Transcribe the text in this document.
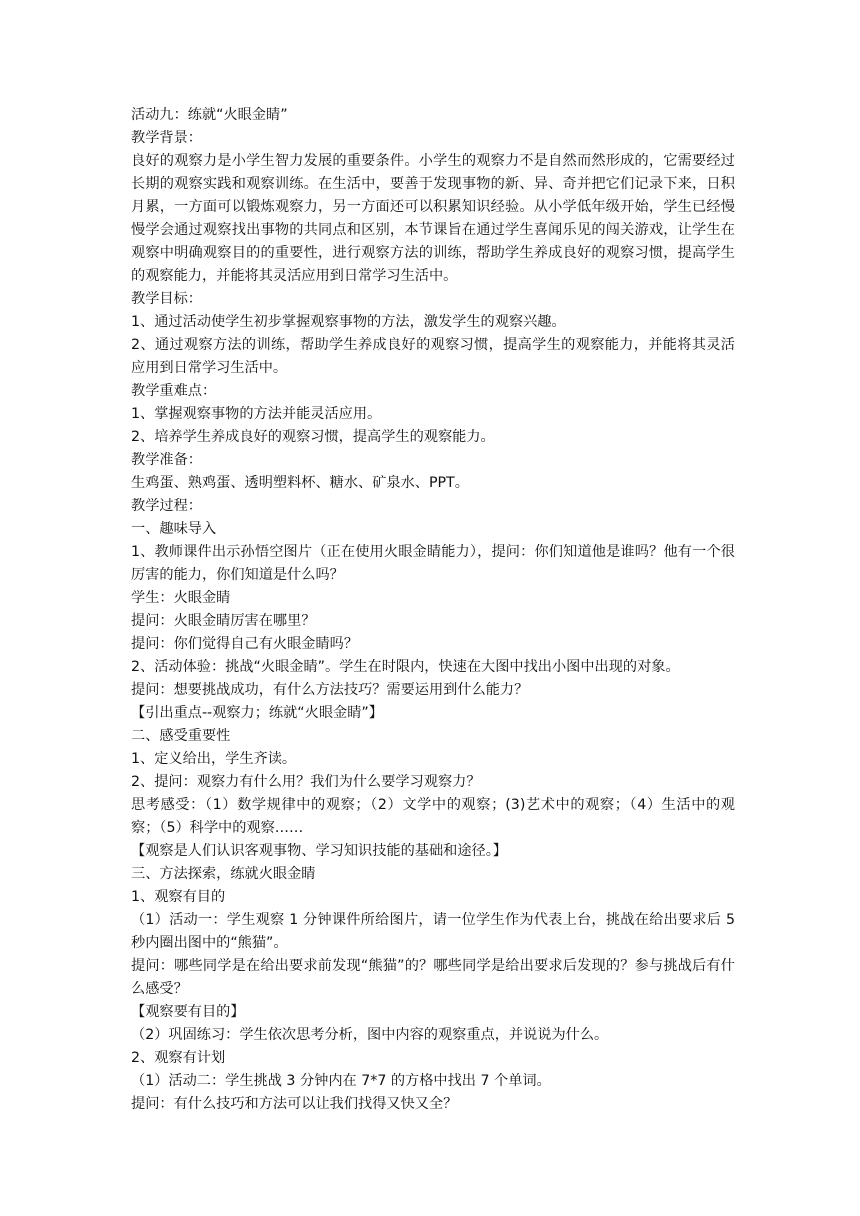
活动九：练就“火眼金睛”

教学背景：

良好的观察力是小学生智力发展的重要条件。小学生的观察力不是自然而然形成的，它需要经过长期的观察实践和观察训练。在生活中，要善于发现事物的新、异、奇并把它们记录下来，日积月累，一方面可以锻炼观察力，另一方面还可以积累知识经验。从小学低年级开始，学生已经慢慢学会通过观察找出事物的共同点和区别，本节课旨在通过学生喜闻乐见的闯关游戏，让学生在观察中明确观察目的的重要性，进行观察方法的训练，帮助学生养成良好的观察习惯，提高学生的观察能力，并能将其灵活应用到日常学习生活中。

教学目标：

1、通过活动使学生初步掌握观察事物的方法，激发学生的观察兴趣。

2、通过观察方法的训练，帮助学生养成良好的观察习惯，提高学生的观察能力，并能将其灵活应用到日常学习生活中。

教学重难点：

1、掌握观察事物的方法并能灵活应用。

2、培养学生养成良好的观察习惯，提高学生的观察能力。

教学准备：

生鸡蛋、熟鸡蛋、透明塑料杯、糖水、矿泉水、PPT。

教学过程：

一、趣味导入

1、教师课件出示孙悟空图片（正在使用火眼金睛能力），提问：你们知道他是谁吗？他有一个很厉害的能力，你们知道是什么吗？

学生：火眼金睛

提问：火眼金睛厉害在哪里？

提问：你们觉得自己有火眼金睛吗？

2、活动体验：挑战“火眼金睛”。学生在时限内，快速在大图中找出小图中出现的对象。

提问：想要挑战成功，有什么方法技巧？需要运用到什么能力？

【引出重点--观察力；练就“火眼金睛”】

二、感受重要性

1、定义给出，学生齐读。

2、提问：观察力有什么用？我们为什么要学习观察力？

思考感受：（1）数学规律中的观察；（2）文学中的观察；(3)艺术中的观察；（4）生活中的观察；（5）科学中的观察……

【观察是人们认识客观事物、学习知识技能的基础和途径。】

三、方法探索，练就火眼金睛

1、观察有目的

（1）活动一：学生观察 1 分钟课件所给图片，请一位学生作为代表上台，挑战在给出要求后 5 秒内圈出图中的“熊猫”。

提问：哪些同学是在给出要求前发现“熊猫”的？哪些同学是给出要求后发现的？参与挑战后有什么感受？

【观察要有目的】

（2）巩固练习：学生依次思考分析，图中内容的观察重点，并说说为什么。

2、观察有计划

（1）活动二：学生挑战 3 分钟内在 7*7 的方格中找出 7 个单词。

提问：有什么技巧和方法可以让我们找得又快又全？
